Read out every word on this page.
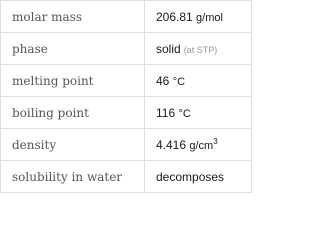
molar mass	206.81 g/mol
phase	solid (at STP)
melting point	46 °C
boiling point	116 °C
density	4.416 $g/cm^3$
solubility in water	decomposes
